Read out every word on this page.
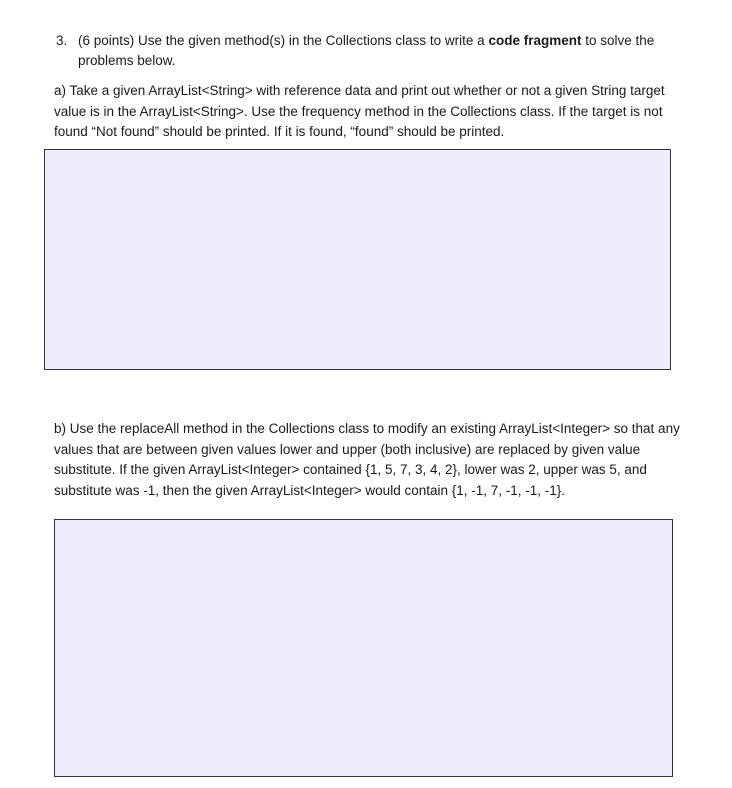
3. (6 points) Use the given method(s) in the Collections class to write a code fragment to solve the problems below.
a) Take a given ArrayList<String> with reference data and print out whether or not a given String target value is in the ArrayList<String>. Use the frequency method in the Collections class. If the target is not found “Not found” should be printed. If it is found, “found” should be printed.
b) Use the replaceAll method in the Collections class to modify an existing ArrayList<Integer> so that any values that are between given values lower and upper (both inclusive) are replaced by given value substitute. If the given ArrayList<Integer> contained {1, 5, 7, 3, 4, 2}, lower was 2, upper was 5, and substitute was -1, then the given ArrayList<Integer> would contain {1, -1, 7, -1, -1, -1}.
